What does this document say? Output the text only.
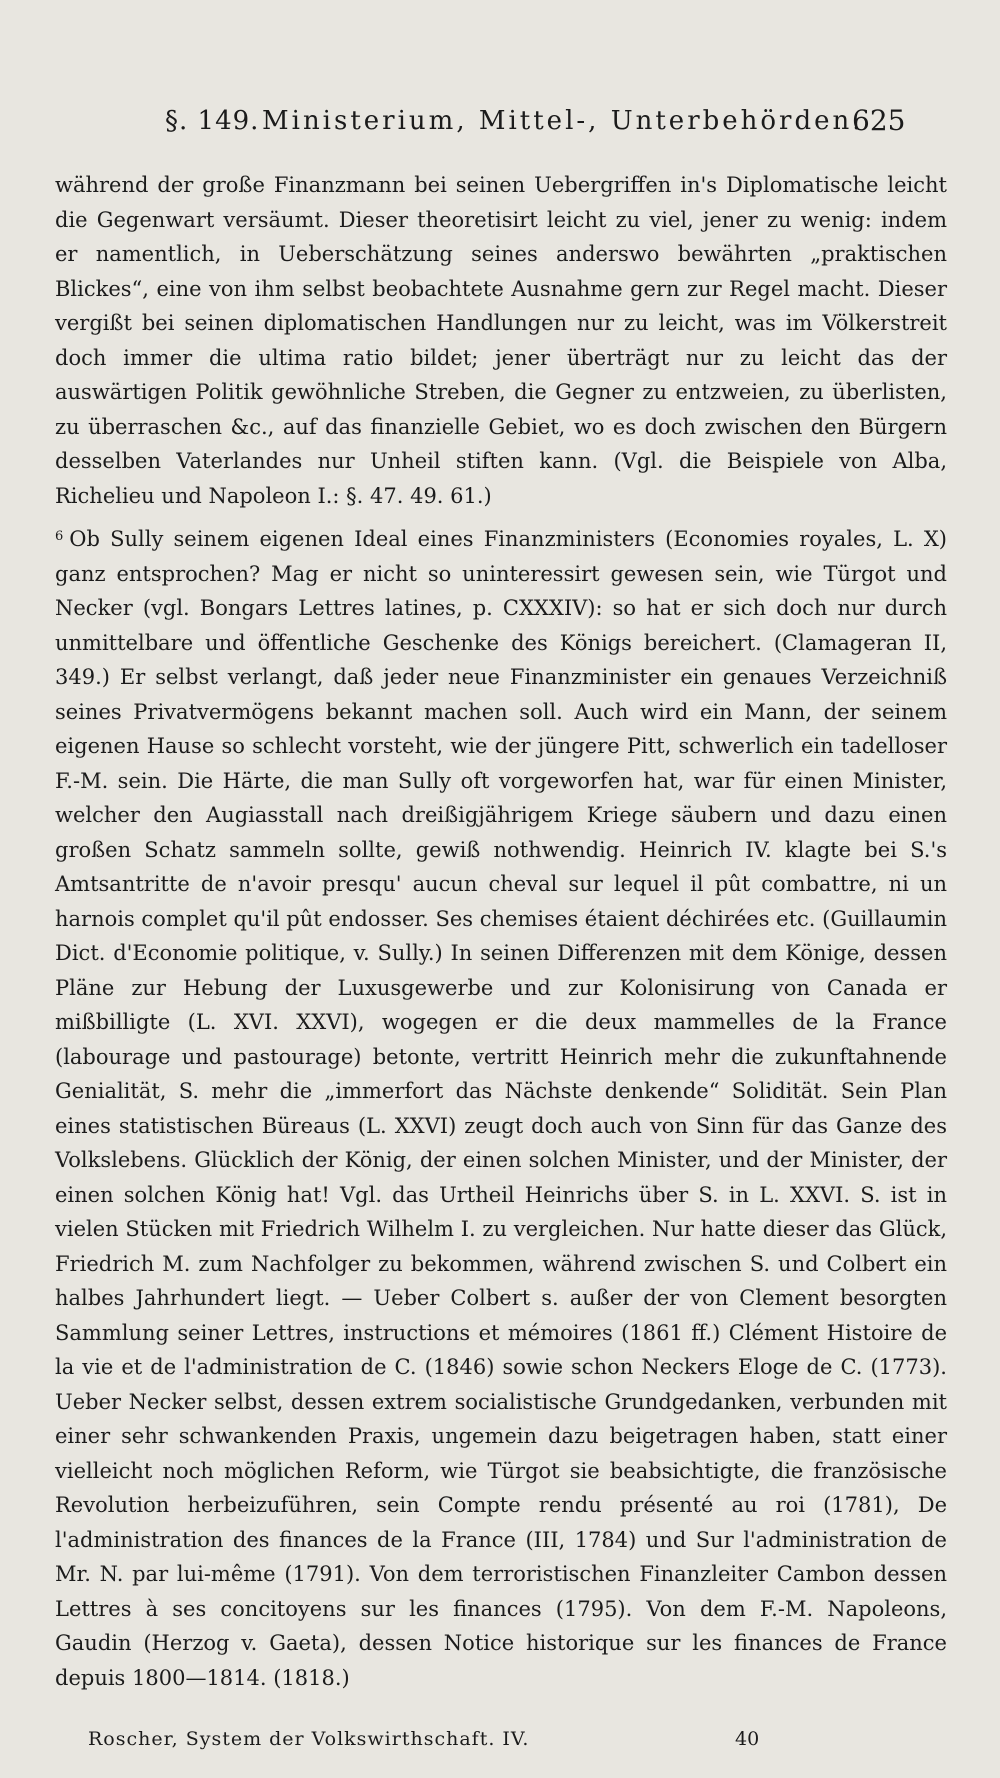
§. 149. Ministerium, Mittel-, Unterbehörden.
625

während der große Finanzmann bei seinen Uebergriffen in's Diplomatische leicht die Gegenwart versäumt. Dieser theoretisirt leicht zu viel, jener zu wenig: indem er namentlich, in Ueberschätzung seines anderswo bewährten „praktischen Blickes“, eine von ihm selbst beobachtete Ausnahme gern zur Regel macht. Dieser vergißt bei seinen diplomatischen Handlungen nur zu leicht, was im Völkerstreit doch immer die ultima ratio bildet; jener überträgt nur zu leicht das der auswärtigen Politik gewöhnliche Streben, die Gegner zu entzweien, zu überlisten, zu überraschen &c., auf das finanzielle Gebiet, wo es doch zwischen den Bürgern desselben Vaterlandes nur Unheil stiften kann. (Vgl. die Beispiele von Alba, Richelieu und Napoleon I.: §. 47. 49. 61.)

$^6$ Ob Sully seinem eigenen Ideal eines Finanzministers (Economies royales, L. X) ganz entsprochen? Mag er nicht so uninteressirt gewesen sein, wie Türgot und Necker (vgl. Bongars Lettres latines, p. CXXXIV): so hat er sich doch nur durch unmittelbare und öffentliche Geschenke des Königs bereichert. (Clamageran II, 349.) Er selbst verlangt, daß jeder neue Finanzminister ein genaues Verzeichniß seines Privatvermögens bekannt machen soll. Auch wird ein Mann, der seinem eigenen Hause so schlecht vorsteht, wie der jüngere Pitt, schwerlich ein tadelloser F.-M. sein. Die Härte, die man Sully oft vorgeworfen hat, war für einen Minister, welcher den Augiasstall nach dreißigjährigem Kriege säubern und dazu einen großen Schatz sammeln sollte, gewiß nothwendig. Heinrich IV. klagte bei S.'s Amtsantritte de n'avoir presqu' aucun cheval sur lequel il pût combattre, ni un harnois complet qu'il pût endosser. Ses chemises étaient déchirées etc. (Guillaumin Dict. d'Economie politique, v. Sully.) In seinen Differenzen mit dem Könige, dessen Pläne zur Hebung der Luxusgewerbe und zur Kolonisirung von Canada er mißbilligte (L. XVI. XXVI), wogegen er die deux mammelles de la France (labourage und pastourage) betonte, vertritt Heinrich mehr die zukunftahnende Genialität, S. mehr die „immerfort das Nächste denkende“ Solidität. Sein Plan eines statistischen Büreaus (L. XXVI) zeugt doch auch von Sinn für das Ganze des Volkslebens. Glücklich der König, der einen solchen Minister, und der Minister, der einen solchen König hat! Vgl. das Urtheil Heinrichs über S. in L. XXVI. S. ist in vielen Stücken mit Friedrich Wilhelm I. zu vergleichen. Nur hatte dieser das Glück, Friedrich M. zum Nachfolger zu bekommen, während zwischen S. und Colbert ein halbes Jahrhundert liegt. — Ueber Colbert s. außer der von Clement besorgten Sammlung seiner Lettres, instructions et mémoires (1861 ff.) Clément Histoire de la vie et de l'administration de C. (1846) sowie schon Neckers Eloge de C. (1773). Ueber Necker selbst, dessen extrem socialistische Grundgedanken, verbunden mit einer sehr schwankenden Praxis, ungemein dazu beigetragen haben, statt einer vielleicht noch möglichen Reform, wie Türgot sie beabsichtigte, die französische Revolution herbeizuführen, sein Compte rendu présenté au roi (1781), De l'administration des finances de la France (III, 1784) und Sur l'administration de Mr. N. par lui-même (1791). Von dem terroristischen Finanzleiter Cambon dessen Lettres à ses concitoyens sur les finances (1795). Von dem F.-M. Napoleons, Gaudin (Herzog v. Gaeta), dessen Notice historique sur les finances de France depuis 1800—1814. (1818.)

Roscher, System der Volkswirthschaft. IV.	40
